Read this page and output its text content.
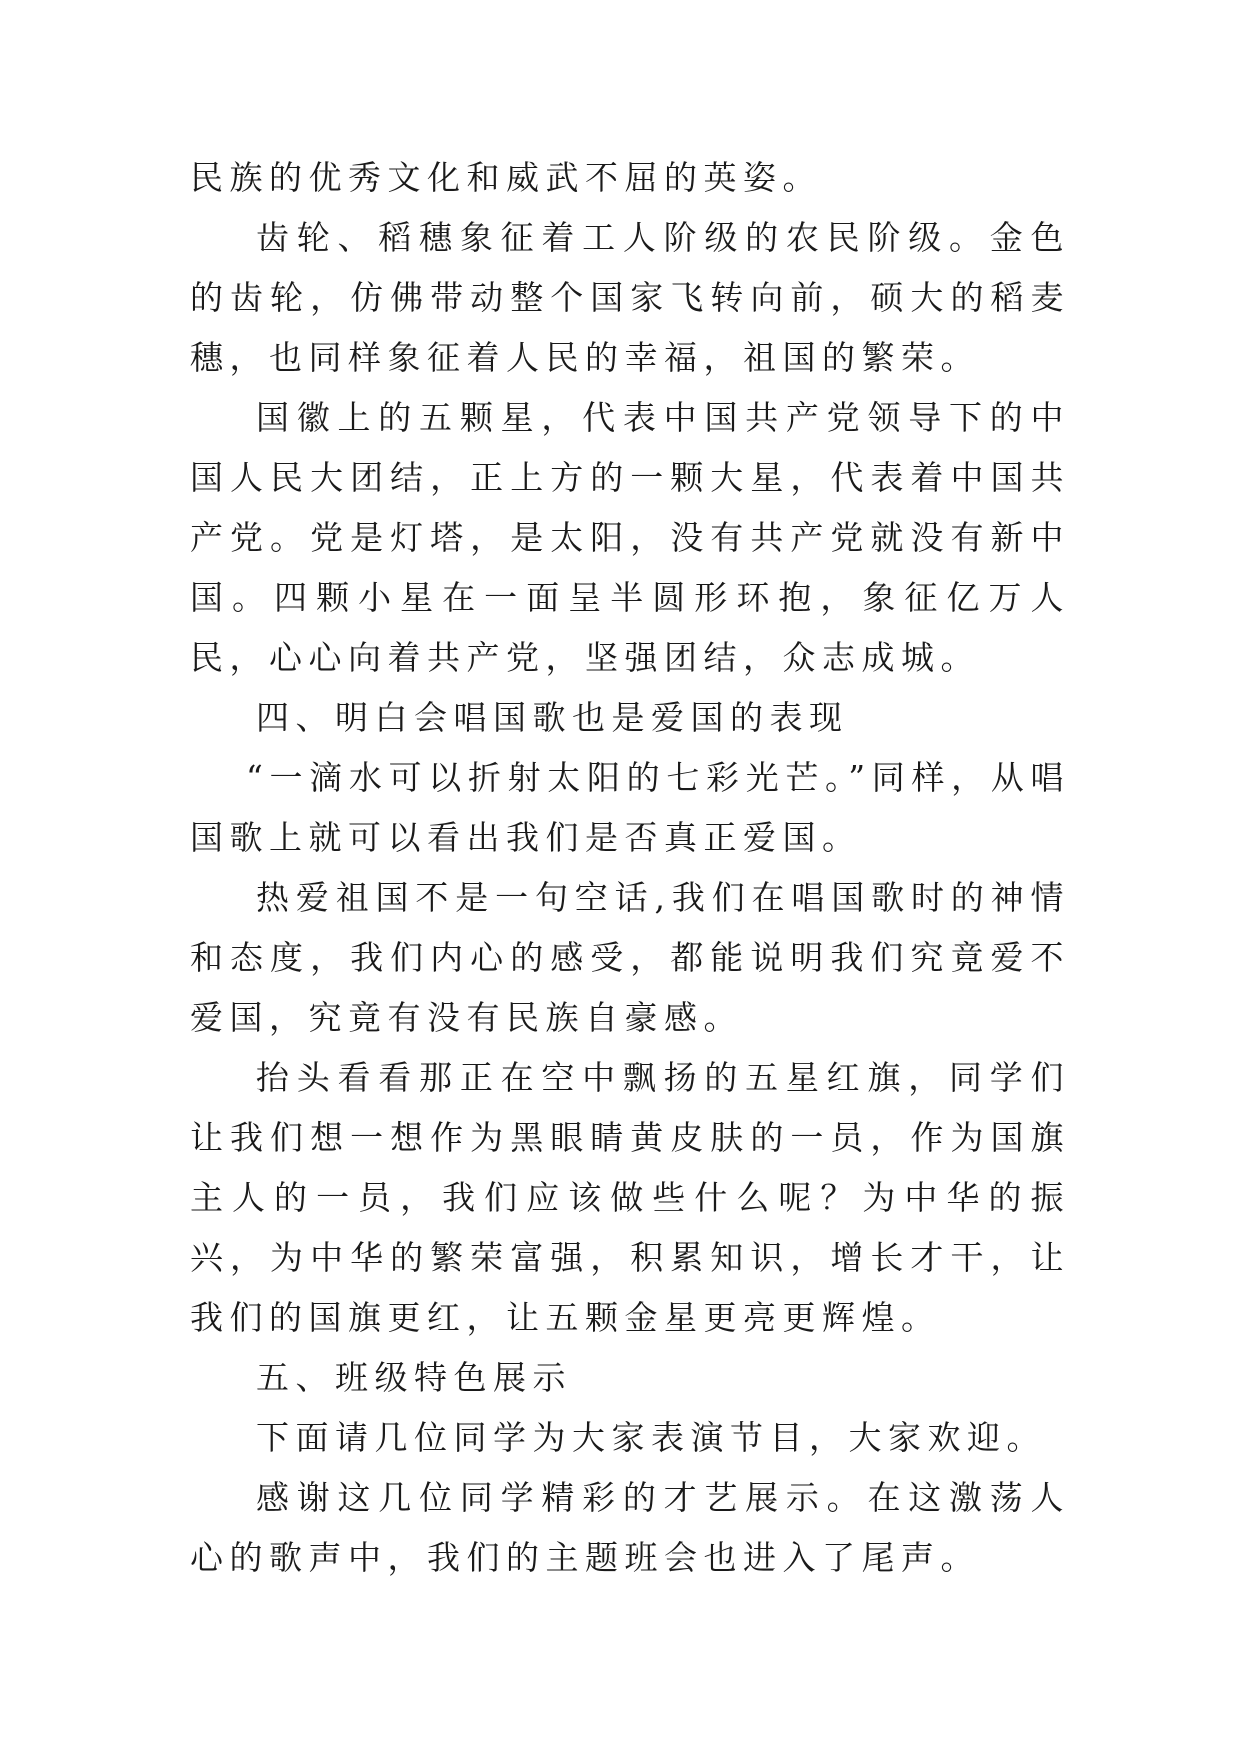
民族的优秀文化和威武不屈的英姿。

齿轮、稻穗象征着工人阶级的农民阶级。金色的齿轮，仿佛带动整个国家飞转向前，硕大的稻麦穗，也同样象征着人民的幸福，祖国的繁荣。

国徽上的五颗星，代表中国共产党领导下的中国人民大团结，正上方的一颗大星，代表着中国共产党。党是灯塔，是太阳，没有共产党就没有新中国。四颗小星在一面呈半圆形环抱，象征亿万人民，心心向着共产党，坚强团结，众志成城。

四、明白会唱国歌也是爱国的表现

“一滴水可以折射太阳的七彩光芒。”同样，从唱国歌上就可以看出我们是否真正爱国。

热爱祖国不是一句空话,我们在唱国歌时的神情和态度，我们内心的感受，都能说明我们究竟爱不爱国，究竟有没有民族自豪感。

抬头看看那正在空中飘扬的五星红旗，同学们让我们想一想作为黑眼睛黄皮肤的一员，作为国旗主人的一员，我们应该做些什么呢？为中华的振兴，为中华的繁荣富强，积累知识，增长才干，让我们的国旗更红，让五颗金星更亮更辉煌。

五、班级特色展示

下面请几位同学为大家表演节目，大家欢迎。

感谢这几位同学精彩的才艺展示。在这激荡人心的歌声中，我们的主题班会也进入了尾声。
